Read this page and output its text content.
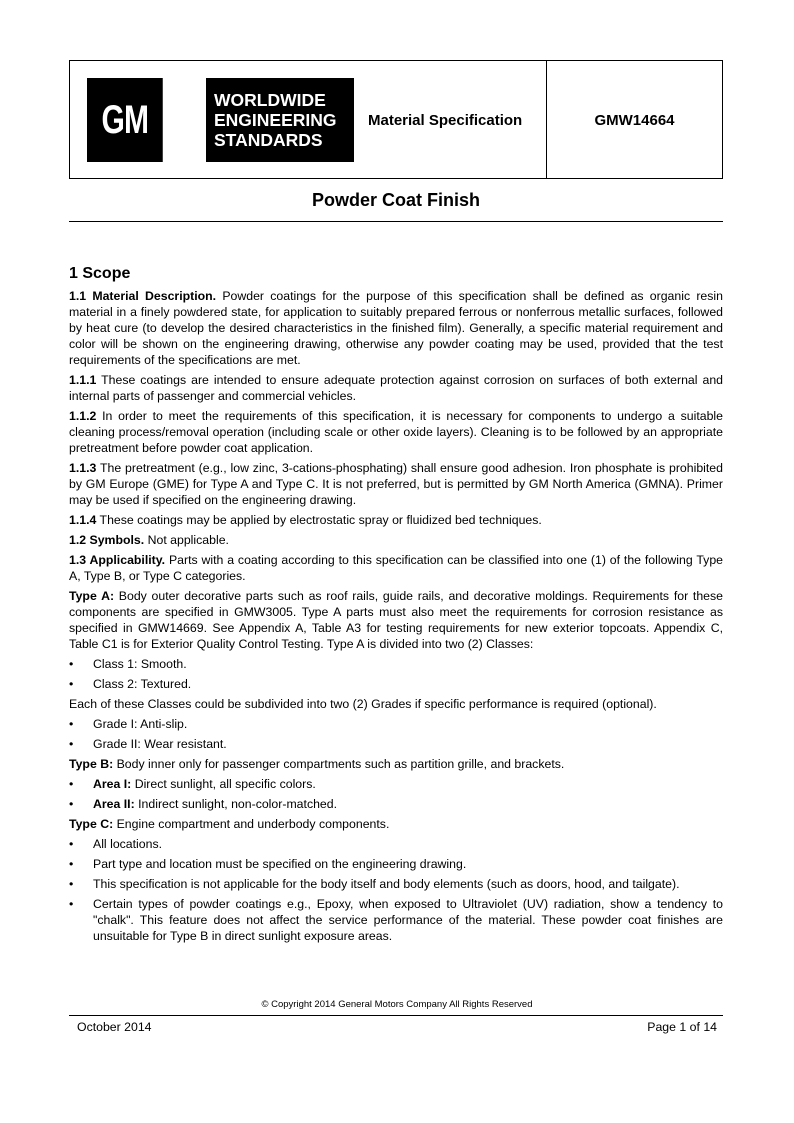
GM	WORLDWIDE
ENGINEERING
STANDARDS
Material Specification	GMW14664
Powder Coat Finish
1 Scope

1.1 Material Description. Powder coatings for the purpose of this specification shall be defined as organic resin material in a finely powdered state, for application to suitably prepared ferrous or nonferrous metallic surfaces, followed by heat cure (to develop the desired characteristics in the finished film). Generally, a specific material requirement and color will be shown on the engineering drawing, otherwise any powder coating may be used, provided that the test requirements of the specifications are met.

1.1.1 These coatings are intended to ensure adequate protection against corrosion on surfaces of both external and internal parts of passenger and commercial vehicles.

1.1.2 In order to meet the requirements of this specification, it is necessary for components to undergo a suitable cleaning process/removal operation (including scale or other oxide layers). Cleaning is to be followed by an appropriate pretreatment before powder coat application.

1.1.3 The pretreatment (e.g., low zinc, 3-cations-phosphating) shall ensure good adhesion. Iron phosphate is prohibited by GM Europe (GME) for Type A and Type C. It is not preferred, but is permitted by GM North America (GMNA). Primer may be used if specified on the engineering drawing.

1.1.4 These coatings may be applied by electrostatic spray or fluidized bed techniques.

1.2 Symbols. Not applicable.

1.3 Applicability. Parts with a coating according to this specification can be classified into one (1) of the following Type A, Type B, or Type C categories.

Type A: Body outer decorative parts such as roof rails, guide rails, and decorative moldings. Requirements for these components are specified in GMW3005. Type A parts must also meet the requirements for corrosion resistance as specified in GMW14669. See Appendix A, Table A3 for testing requirements for new exterior topcoats. Appendix C, Table C1 is for Exterior Quality Control Testing. Type A is divided into two (2) Classes:

•	Class 1: Smooth.
•	Class 2: Textured.

Each of these Classes could be subdivided into two (2) Grades if specific performance is required (optional).

•	Grade I: Anti-slip.
•	Grade II: Wear resistant.

Type B: Body inner only for passenger compartments such as partition grille, and brackets.

•	Area I: Direct sunlight, all specific colors.
•	Area II: Indirect sunlight, non-color-matched.

Type C: Engine compartment and underbody components.

•	All locations.
•	Part type and location must be specified on the engineering drawing.
•	This specification is not applicable for the body itself and body elements (such as doors, hood, and tailgate).
•	Certain types of powder coatings e.g., Epoxy, when exposed to Ultraviolet (UV) radiation, show a tendency to "chalk". This feature does not affect the service performance of the material. These powder coat finishes are unsuitable for Type B in direct sunlight exposure areas.
© Copyright 2014 General Motors Company All Rights Reserved
October 2014	Page 1 of 14
